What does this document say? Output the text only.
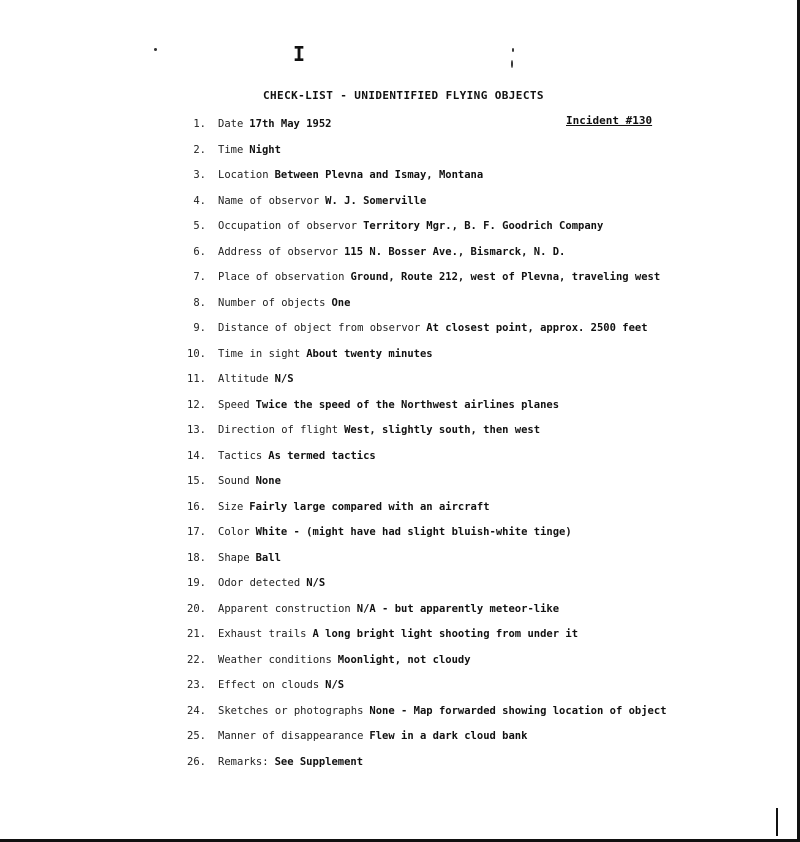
I
CHECK-LIST - UNIDENTIFIED FLYING OBJECTS
Incident #130
1. Date 17th May 1952
2. Time Night
3. Location Between Plevna and Ismay, Montana
4. Name of observor W. J. Somerville
5. Occupation of observor Territory Mgr., B. F. Goodrich Company
6. Address of observor 115 N. Bosser Ave., Bismarck, N. D.
7. Place of observation Ground, Route 212, west of Plevna, traveling west
8. Number of objects One
9. Distance of object from observor At closest point, approx. 2500 feet
10. Time in sight About twenty minutes
11. Altitude N/S
12. Speed Twice the speed of the Northwest airlines planes
13. Direction of flight West, slightly south, then west
14. Tactics As termed tactics
15. Sound None
16. Size Fairly large compared with an aircraft
17. Color White - (might have had slight bluish-white tinge)
18. Shape Ball
19. Odor detected N/S
20. Apparent construction N/A - but apparently meteor-like
21. Exhaust trails A long bright light shooting from under it
22. Weather conditions Moonlight, not cloudy
23. Effect on clouds N/S
24. Sketches or photographs None - Map forwarded showing location of object
25. Manner of disappearance Flew in a dark cloud bank
26. Remarks: See Supplement
